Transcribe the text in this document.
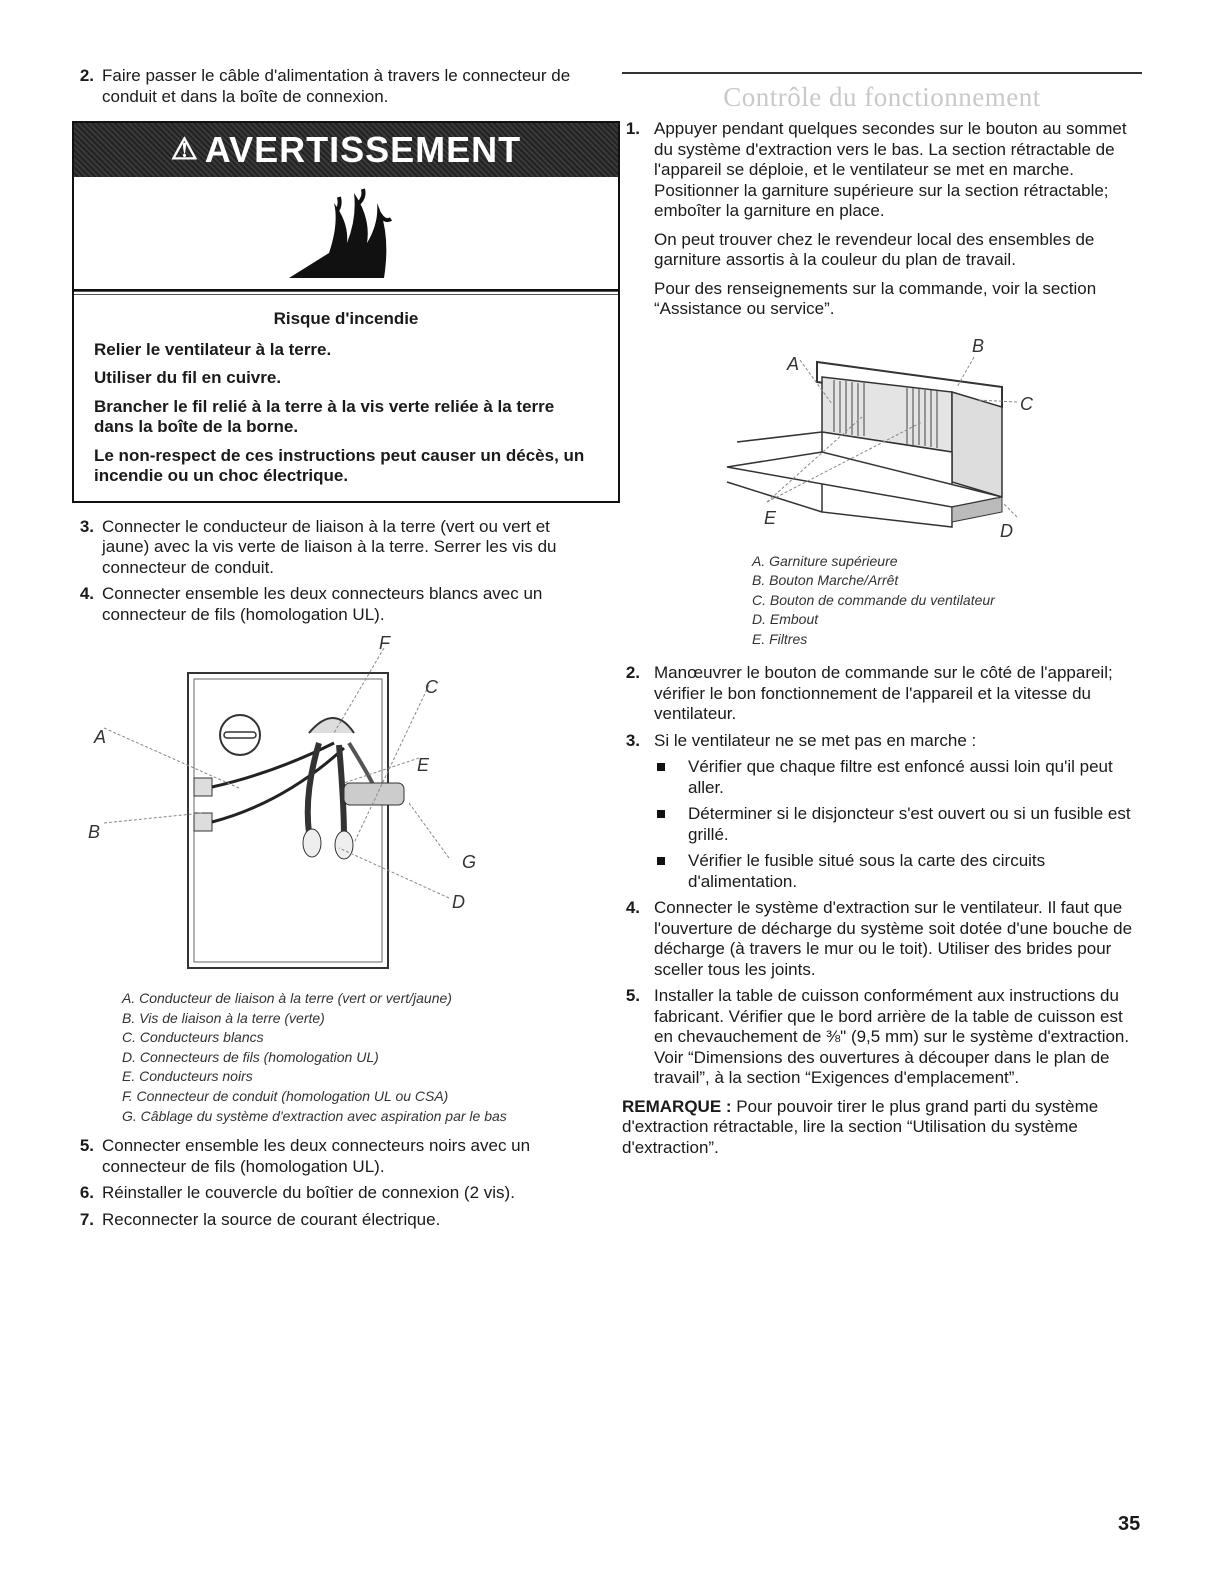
2. Faire passer le câble d'alimentation à travers le connecteur de conduit et dans la boîte de connexion.
⚠ AVERTISSEMENT
Risque d'incendie

Relier le ventilateur à la terre.

Utiliser du fil en cuivre.

Brancher le fil relié à la terre à la vis verte reliée à la terre dans la boîte de la borne.

Le non-respect de ces instructions peut causer un décès, un incendie ou un choc électrique.

3. Connecter le conducteur de liaison à la terre (vert ou vert et jaune) avec la vis verte de liaison à la terre. Serrer les vis du connecteur de conduit.
4. Connecter ensemble les deux connecteurs blancs avec un connecteur de fils (homologation UL).
A
B
C
D
E
F
G
A. Conducteur de liaison à la terre (vert or vert/jaune)
B. Vis de liaison à la terre (verte)
C. Conducteurs blancs
D. Connecteurs de fils (homologation UL)
E. Conducteurs noirs
F. Connecteur de conduit (homologation UL ou CSA)
G. Câblage du système d'extraction avec aspiration par le bas
5. Connecter ensemble les deux connecteurs noirs avec un connecteur de fils (homologation UL).
6. Réinstaller le couvercle du boîtier de connexion (2 vis).
7. Reconnecter la source de courant électrique.
Contrôle du fonctionnement
1. Appuyer pendant quelques secondes sur le bouton au sommet du système d'extraction vers le bas. La section rétractable de l'appareil se déploie, et le ventilateur se met en marche. Positionner la garniture supérieure sur la section rétractable; emboîter la garniture en place.
On peut trouver chez le revendeur local des ensembles de garniture assortis à la couleur du plan de travail.
Pour des renseignements sur la commande, voir la section “Assistance ou service”.
A
B
C
D
E
A. Garniture supérieure
B. Bouton Marche/Arrêt
C. Bouton de commande du ventilateur
D. Embout
E. Filtres
2. Manœuvrer le bouton de commande sur le côté de l'appareil; vérifier le bon fonctionnement de l'appareil et la vitesse du ventilateur.
3. Si le ventilateur ne se met pas en marche :
Vérifier que chaque filtre est enfoncé aussi loin qu'il peut aller.
Déterminer si le disjoncteur s'est ouvert ou si un fusible est grillé.
Vérifier le fusible situé sous la carte des circuits d'alimentation.
4. Connecter le système d'extraction sur le ventilateur. Il faut que l'ouverture de décharge du système soit dotée d'une bouche de décharge (à travers le mur ou le toit). Utiliser des brides pour sceller tous les joints.
5. Installer la table de cuisson conformément aux instructions du fabricant. Vérifier que le bord arrière de la table de cuisson est en chevauchement de ⅜" (9,5 mm) sur le système d'extraction. Voir “Dimensions des ouvertures à découper dans le plan de travail”, à la section “Exigences d'emplacement”.
REMARQUE : Pour pouvoir tirer le plus grand parti du système d'extraction rétractable, lire la section “Utilisation du système d'extraction”.
35
